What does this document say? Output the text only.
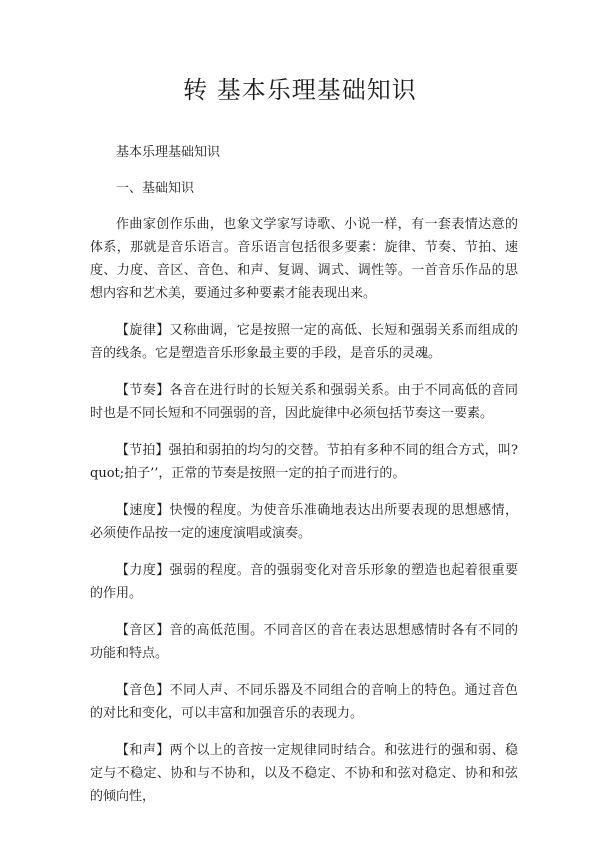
转 基本乐理基础知识

基本乐理基础知识

一、基础知识

作曲家创作乐曲，也象文学家写诗歌、小说一样，有一套表情达意的体系，那就是音乐语言。音乐语言包括很多要素：旋律、节奏、节拍、速度、力度、音区、音色、和声、复调、调式、调性等。一首音乐作品的思想内容和艺术美，要通过多种要素才能表现出来。

【旋律】又称曲调，它是按照一定的高低、长短和强弱关系而组成的音的线条。它是塑造音乐形象最主要的手段，是音乐的灵魂。

【节奏】各音在进行时的长短关系和强弱关系。由于不同高低的音同时也是不同长短和不同强弱的音，因此旋律中必须包括节奏这一要素。

【节拍】强拍和弱拍的均匀的交替。节拍有多种不同的组合方式，叫?quot;拍子’’，正常的节奏是按照一定的拍子而进行的。

【速度】快慢的程度。为使音乐准确地表达出所要表现的思想感情，必须使作品按一定的速度演唱或演奏。

【力度】强弱的程度。音的强弱变化对音乐形象的塑造也起着很重要的作用。

【音区】音的高低范围。不同音区的音在表达思想感情时各有不同的功能和特点。

【音色】不同人声、不同乐器及不同组合的音响上的特色。通过音色的对比和变化，可以丰富和加强音乐的表现力。

【和声】两个以上的音按一定规律同时结合。和弦进行的强和弱、稳定与不稳定、协和与不协和，以及不稳定、不协和和弦对稳定、协和和弦的倾向性，
